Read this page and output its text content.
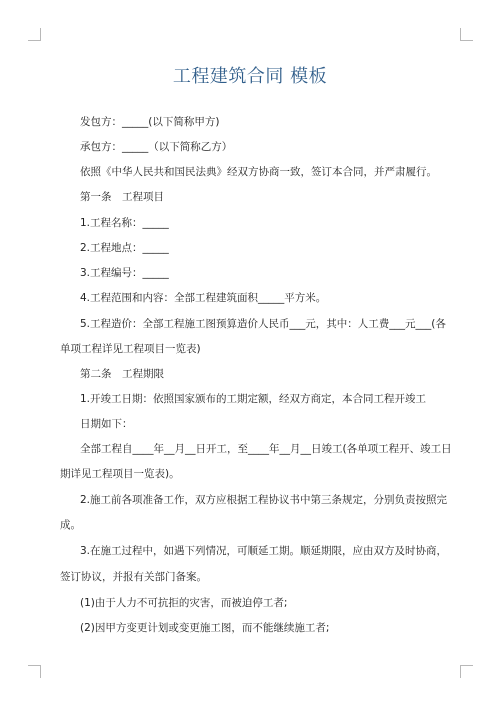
工程建筑合同 模板
发包方：_____(以下简称甲方)
承包方：_____（以下简称乙方）
依照《中华人民共和国民法典》经双方协商一致，签订本合同，并严肃履行。
第一条　工程项目
1.工程名称：_____
2.工程地点：_____
3.工程编号：_____
4.工程范围和内容：全部工程建筑面积_____平方米。
5.工程造价：全部工程施工图预算造价人民币___元，其中：人工费___元___(各
单项工程详见工程项目一览表)
第二条　工程期限
1.开竣工日期：依照国家颁布的工期定额，经双方商定，本合同工程开竣工
日期如下：
全部工程自____年__月__日开工，至____年__月__日竣工(各单项工程开、竣工日
期详见工程项目一览表)。
2.施工前各项准备工作，双方应根据工程协议书中第三条规定，分别负责按照完
成。
3.在施工过程中，如遇下列情况，可顺延工期。顺延期限，应由双方及时协商，
签订协议，并报有关部门备案。
(1)由于人力不可抗拒的灾害，而被迫停工者;
(2)因甲方变更计划或变更施工图，而不能继续施工者;
